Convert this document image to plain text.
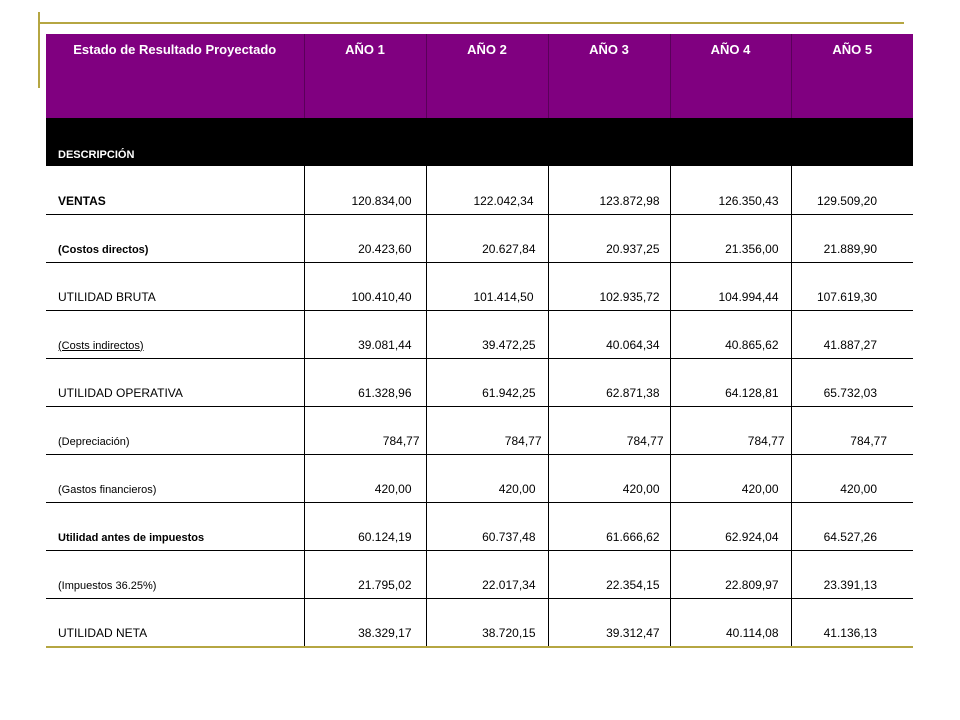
Estado de Resultado Proyectado	AÑO 1	AÑO 2	AÑO 3	AÑO 4	AÑO 5
DESCRIPCIÓN					
VENTAS	120.834,00	122.042,34	123.872,98	126.350,43	129.509,20
(Costos directos)	20.423,60	20.627,84	20.937,25	21.356,00	21.889,90
UTILIDAD BRUTA	100.410,40	101.414,50	102.935,72	104.994,44	107.619,30
(Costs indirectos)	39.081,44	39.472,25	40.064,34	40.865,62	41.887,27
UTILIDAD OPERATIVA	61.328,96	61.942,25	62.871,38	64.128,81	65.732,03
(Depreciación)	784,77	784,77	784,77	784,77	784,77
(Gastos financieros)	420,00	420,00	420,00	420,00	420,00
Utilidad antes de impuestos	60.124,19	60.737,48	61.666,62	62.924,04	64.527,26
(Impuestos 36.25%)	21.795,02	22.017,34	22.354,15	22.809,97	23.391,13
UTILIDAD NETA	38.329,17	38.720,15	39.312,47	40.114,08	41.136,13
